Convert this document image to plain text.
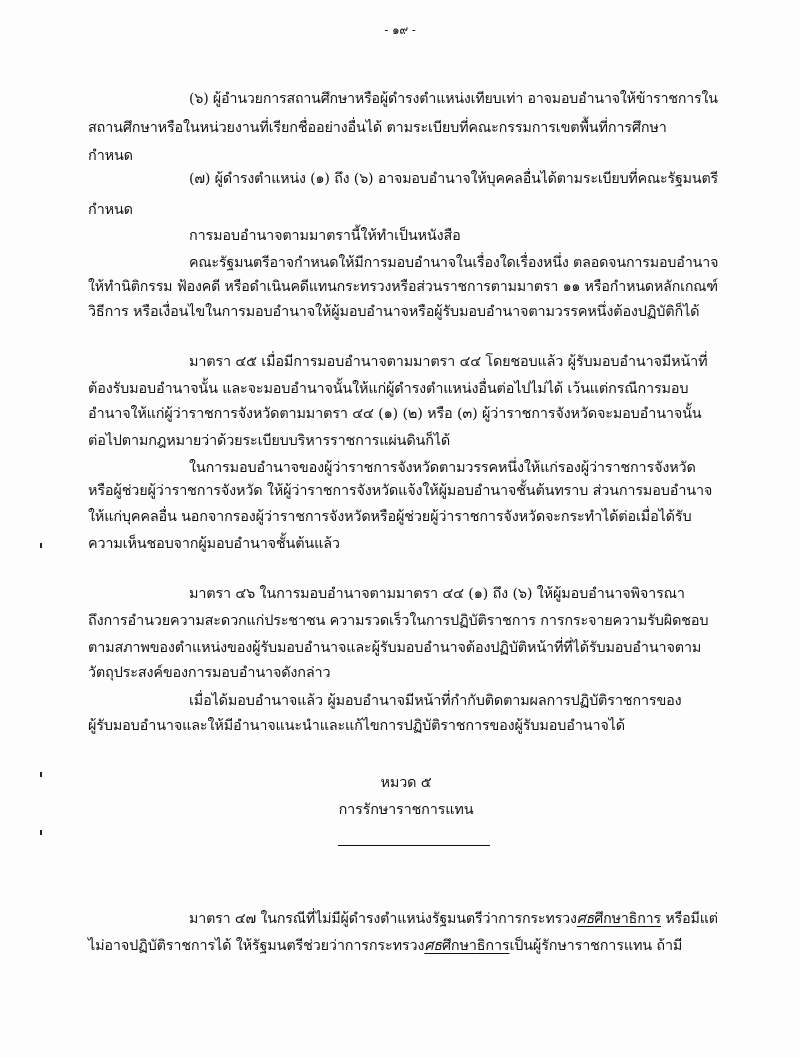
- ๑๙ -
(๖) ผู้อำนวยการสถานศึกษาหรือผู้ดำรงตำแหน่งเทียบเท่า อาจมอบอำนาจให้ข้าราชการใน
สถานศึกษาหรือในหน่วยงานที่เรียกชื่ออย่างอื่นได้ ตามระเบียบที่คณะกรรมการเขตพื้นที่การศึกษา
กำหนด
(๗) ผู้ดำรงตำแหน่ง (๑) ถึง (๖) อาจมอบอำนาจให้บุคคลอื่นได้ตามระเบียบที่คณะรัฐมนตรี
กำหนด
การมอบอำนาจตามมาตรานี้ให้ทำเป็นหนังสือ
คณะรัฐมนตรีอาจกำหนดให้มีการมอบอำนาจในเรื่องใดเรื่องหนึ่ง ตลอดจนการมอบอำนาจ
ให้ทำนิติกรรม ฟ้องคดี หรือดำเนินคดีแทนกระทรวงหรือส่วนราชการตามมาตรา ๑๑ หรือกำหนดหลักเกณฑ์
วิธีการ หรือเงื่อนไขในการมอบอำนาจให้ผู้มอบอำนาจหรือผู้รับมอบอำนาจตามวรรคหนึ่งต้องปฏิบัติก็ได้
มาตรา ๔๕ เมื่อมีการมอบอำนาจตามมาตรา ๔๔ โดยชอบแล้ว ผู้รับมอบอำนาจมีหน้าที่
ต้องรับมอบอำนาจนั้น และจะมอบอำนาจนั้นให้แก่ผู้ดำรงตำแหน่งอื่นต่อไปไม่ได้ เว้นแต่กรณีการมอบ
อำนาจให้แก่ผู้ว่าราชการจังหวัดตามมาตรา ๔๔ (๑) (๒) หรือ (๓) ผู้ว่าราชการจังหวัดจะมอบอำนาจนั้น
ต่อไปตามกฎหมายว่าด้วยระเบียบบริหารราชการแผ่นดินก็ได้
ในการมอบอำนาจของผู้ว่าราชการจังหวัดตามวรรคหนึ่งให้แก่รองผู้ว่าราชการจังหวัด
หรือผู้ช่วยผู้ว่าราชการจังหวัด ให้ผู้ว่าราชการจังหวัดแจ้งให้ผู้มอบอำนาจชั้นต้นทราบ ส่วนการมอบอำนาจ
ให้แก่บุคคลอื่น นอกจากรองผู้ว่าราชการจังหวัดหรือผู้ช่วยผู้ว่าราชการจังหวัดจะกระทำได้ต่อเมื่อได้รับ
ความเห็นชอบจากผู้มอบอำนาจชั้นต้นแล้ว
มาตรา ๔๖ ในการมอบอำนาจตามมาตรา ๔๔ (๑) ถึง (๖) ให้ผู้มอบอำนาจพิจารณา
ถึงการอำนวยความสะดวกแก่ประชาชน ความรวดเร็วในการปฏิบัติราชการ การกระจายความรับผิดชอบ
ตามสภาพของตำแหน่งของผู้รับมอบอำนาจและผู้รับมอบอำนาจต้องปฏิบัติหน้าที่ที่ได้รับมอบอำนาจตาม
วัตถุประสงค์ของการมอบอำนาจดังกล่าว
เมื่อได้มอบอำนาจแล้ว ผู้มอบอำนาจมีหน้าที่กำกับติดตามผลการปฏิบัติราชการของ
ผู้รับมอบอำนาจและให้มีอำนาจแนะนำและแก้ไขการปฏิบัติราชการของผู้รับมอบอำนาจได้
หมวด ๕
การรักษาราชการแทน
มาตรา ๔๗ ในกรณีที่ไม่มีผู้ดำรงตำแหน่งรัฐมนตรีว่าการกระทรวงศธศึกษาธิการ หรือมีแต่
ไม่อาจปฏิบัติราชการได้ ให้รัฐมนตรีช่วยว่าการกระทรวงศธศึกษาธิการเป็นผู้รักษาราชการแทน ถ้ามี
